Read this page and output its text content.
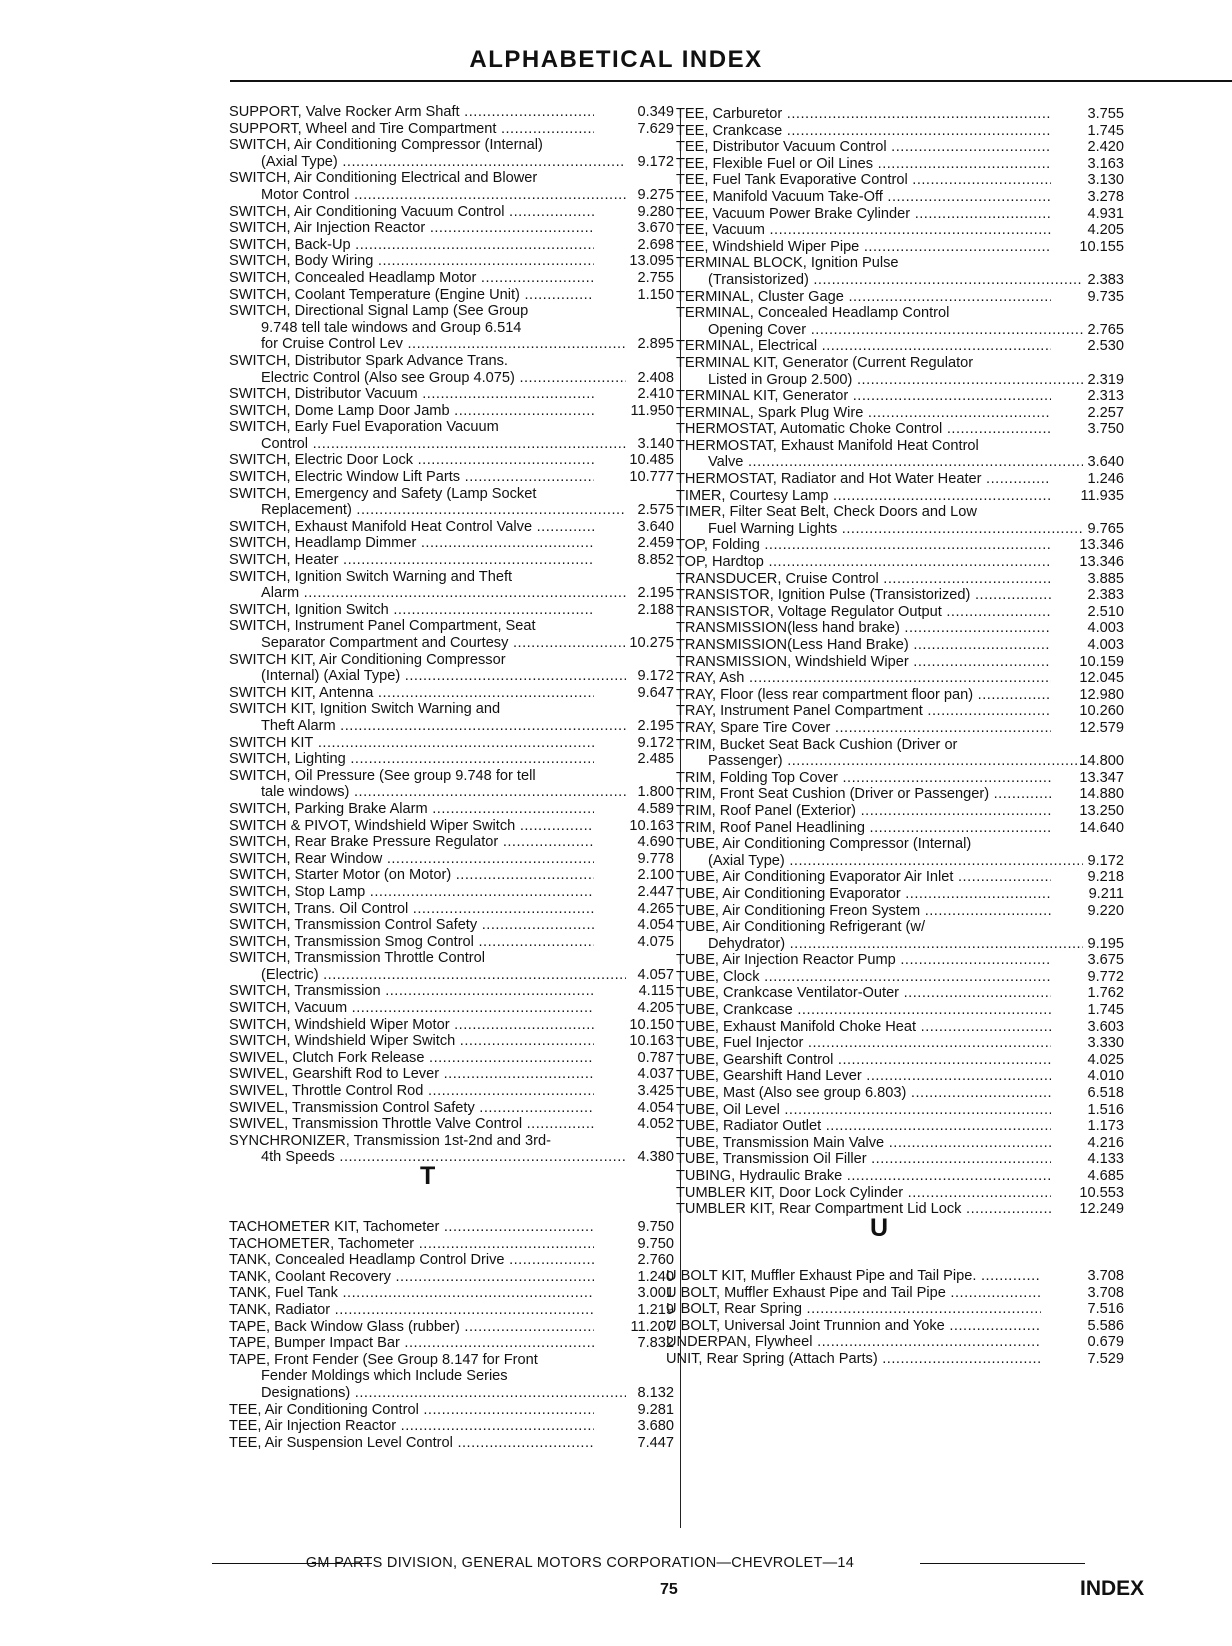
ALPHABETICAL INDEX
SUPPORT, Valve Rocker Arm Shaft .....	0.349
SUPPORT, Wheel and Tire Compartment .....	7.629
SWITCH, Air Conditioning Compressor (Internal)
(Axial Type) .....	9.172
SWITCH, Air Conditioning Electrical and Blower
Motor Control .....	9.275
SWITCH, Air Conditioning Vacuum Control .....	9.280
SWITCH, Air Injection Reactor .....	3.670
SWITCH, Back-Up .....	2.698
SWITCH, Body Wiring .....	13.095
SWITCH, Concealed Headlamp Motor .....	2.755
SWITCH, Coolant Temperature (Engine Unit) .....	1.150
SWITCH, Directional Signal Lamp (See Group
9.748 tell tale windows and Group 6.514
for Cruise Control Lev .....	2.895
SWITCH, Distributor Spark Advance Trans.
Electric Control (Also see Group 4.075) .....	2.408
SWITCH, Distributor Vacuum .....	2.410
SWITCH, Dome Lamp Door Jamb .....	11.950
SWITCH, Early Fuel Evaporation Vacuum
Control .....	3.140
SWITCH, Electric Door Lock .....	10.485
SWITCH, Electric Window Lift Parts .....	10.777
SWITCH, Emergency and Safety (Lamp Socket
Replacement) .....	2.575
SWITCH, Exhaust Manifold Heat Control Valve .....	3.640
SWITCH, Headlamp Dimmer .....	2.459
SWITCH, Heater .....	8.852
SWITCH, Ignition Switch Warning and Theft
Alarm .....	2.195
SWITCH, Ignition Switch .....	2.188
SWITCH, Instrument Panel Compartment, Seat
Separator Compartment and Courtesy .....	10.275
SWITCH KIT, Air Conditioning Compressor
(Internal) (Axial Type) .....	9.172
SWITCH KIT, Antenna .....	9.647
SWITCH KIT, Ignition Switch Warning and
Theft Alarm .....	2.195
SWITCH KIT .....	9.172
SWITCH, Lighting .....	2.485
SWITCH, Oil Pressure (See group 9.748 for tell
tale windows) .....	1.800
SWITCH, Parking Brake Alarm .....	4.589
SWITCH & PIVOT, Windshield Wiper Switch .....	10.163
SWITCH, Rear Brake Pressure Regulator .....	4.690
SWITCH, Rear Window .....	9.778
SWITCH, Starter Motor (on Motor) .....	2.100
SWITCH, Stop Lamp .....	2.447
SWITCH, Trans. Oil Control .....	4.265
SWITCH, Transmission Control Safety .....	4.054
SWITCH, Transmission Smog Control .....	4.075
SWITCH, Transmission Throttle Control
(Electric) .....	4.057
SWITCH, Transmission .....	4.115
SWITCH, Vacuum .....	4.205
SWITCH, Windshield Wiper Motor .....	10.150
SWITCH, Windshield Wiper Switch .....	10.163
SWIVEL, Clutch Fork Release .....	0.787
SWIVEL, Gearshift Rod to Lever .....	4.037
SWIVEL, Throttle Control Rod .....	3.425
SWIVEL, Transmission Control Safety .....	4.054
SWIVEL, Transmission Throttle Valve Control .....	4.052
SYNCHRONIZER, Transmission 1st-2nd and 3rd-
4th Speeds .....	4.380
T
TACHOMETER KIT, Tachometer .....	9.750
TACHOMETER, Tachometer .....	9.750
TANK, Concealed Headlamp Control Drive .....	2.760
TANK, Coolant Recovery .....	1.240
TANK, Fuel Tank .....	3.001
TANK, Radiator .....	1.219
TAPE, Back Window Glass (rubber) .....	11.207
TAPE, Bumper Impact Bar .....	7.832
TAPE, Front Fender (See Group 8.147 for Front
Fender Moldings which Include Series
Designations) .....	8.132
TEE, Air Conditioning Control .....	9.281
TEE, Air Injection Reactor .....	3.680
TEE, Air Suspension Level Control .....	7.447
TEE, Carburetor .....	3.755
TEE, Crankcase .....	1.745
TEE, Distributor Vacuum Control .....	2.420
TEE, Flexible Fuel or Oil Lines .....	3.163
TEE, Fuel Tank Evaporative Control .....	3.130
TEE, Manifold Vacuum Take-Off .....	3.278
TEE, Vacuum Power Brake Cylinder .....	4.931
TEE, Vacuum .....	4.205
TEE, Windshield Wiper Pipe .....	10.155
TERMINAL BLOCK, Ignition Pulse
(Transistorized) .....	2.383
TERMINAL, Cluster Gage .....	9.735
TERMINAL, Concealed Headlamp Control
Opening Cover .....	2.765
TERMINAL, Electrical .....	2.530
TERMINAL KIT, Generator (Current Regulator
Listed in Group 2.500) .....	2.319
TERMINAL KIT, Generator .....	2.313
TERMINAL, Spark Plug Wire .....	2.257
THERMOSTAT, Automatic Choke Control .....	3.750
THERMOSTAT, Exhaust Manifold Heat Control
Valve .....	3.640
THERMOSTAT, Radiator and Hot Water Heater .....	1.246
TIMER, Courtesy Lamp .....	11.935
TIMER, Filter Seat Belt, Check Doors and Low
Fuel Warning Lights .....	9.765
TOP, Folding .....	13.346
TOP, Hardtop .....	13.346
TRANSDUCER, Cruise Control .....	3.885
TRANSISTOR, Ignition Pulse (Transistorized) .....	2.383
TRANSISTOR, Voltage Regulator Output .....	2.510
TRANSMISSION(less hand brake) .....	4.003
TRANSMISSION(Less Hand Brake) .....	4.003
TRANSMISSION, Windshield Wiper .....	10.159
TRAY, Ash .....	12.045
TRAY, Floor (less rear compartment floor pan) .....	12.980
TRAY, Instrument Panel Compartment .....	10.260
TRAY, Spare Tire Cover .....	12.579
TRIM, Bucket Seat Back Cushion (Driver or
Passenger) .....	14.800
TRIM, Folding Top Cover .....	13.347
TRIM, Front Seat Cushion (Driver or Passenger) .....	14.880
TRIM, Roof Panel (Exterior) .....	13.250
TRIM, Roof Panel Headlining .....	14.640
TUBE, Air Conditioning Compressor (Internal)
(Axial Type) .....	9.172
TUBE, Air Conditioning Evaporator Air Inlet .....	9.218
TUBE, Air Conditioning Evaporator .....	9.211
TUBE, Air Conditioning Freon System .....	9.220
TUBE, Air Conditioning Refrigerant (w/
Dehydrator) .....	9.195
TUBE, Air Injection Reactor Pump .....	3.675
TUBE, Clock .....	9.772
TUBE, Crankcase Ventilator-Outer .....	1.762
TUBE, Crankcase .....	1.745
TUBE, Exhaust Manifold Choke Heat .....	3.603
TUBE, Fuel Injector .....	3.330
TUBE, Gearshift Control .....	4.025
TUBE, Gearshift Hand Lever .....	4.010
TUBE, Mast (Also see group 6.803) .....	6.518
TUBE, Oil Level .....	1.516
TUBE, Radiator Outlet .....	1.173
TUBE, Transmission Main Valve .....	4.216
TUBE, Transmission Oil Filler .....	4.133
TUBING, Hydraulic Brake .....	4.685
TUMBLER KIT, Door Lock Cylinder .....	10.553
TUMBLER KIT, Rear Compartment Lid Lock .....	12.249
U
U BOLT KIT, Muffler Exhaust Pipe and Tail Pipe. .....	3.708
U BOLT, Muffler Exhaust Pipe and Tail Pipe .....	3.708
U BOLT, Rear Spring .....	7.516
U BOLT, Universal Joint Trunnion and Yoke .....	5.586
UNDERPAN, Flywheel .....	0.679
UNIT, Rear Spring (Attach Parts) .....	7.529
GM PARTS DIVISION, GENERAL MOTORS CORPORATION—CHEVROLET—14
75	INDEX
